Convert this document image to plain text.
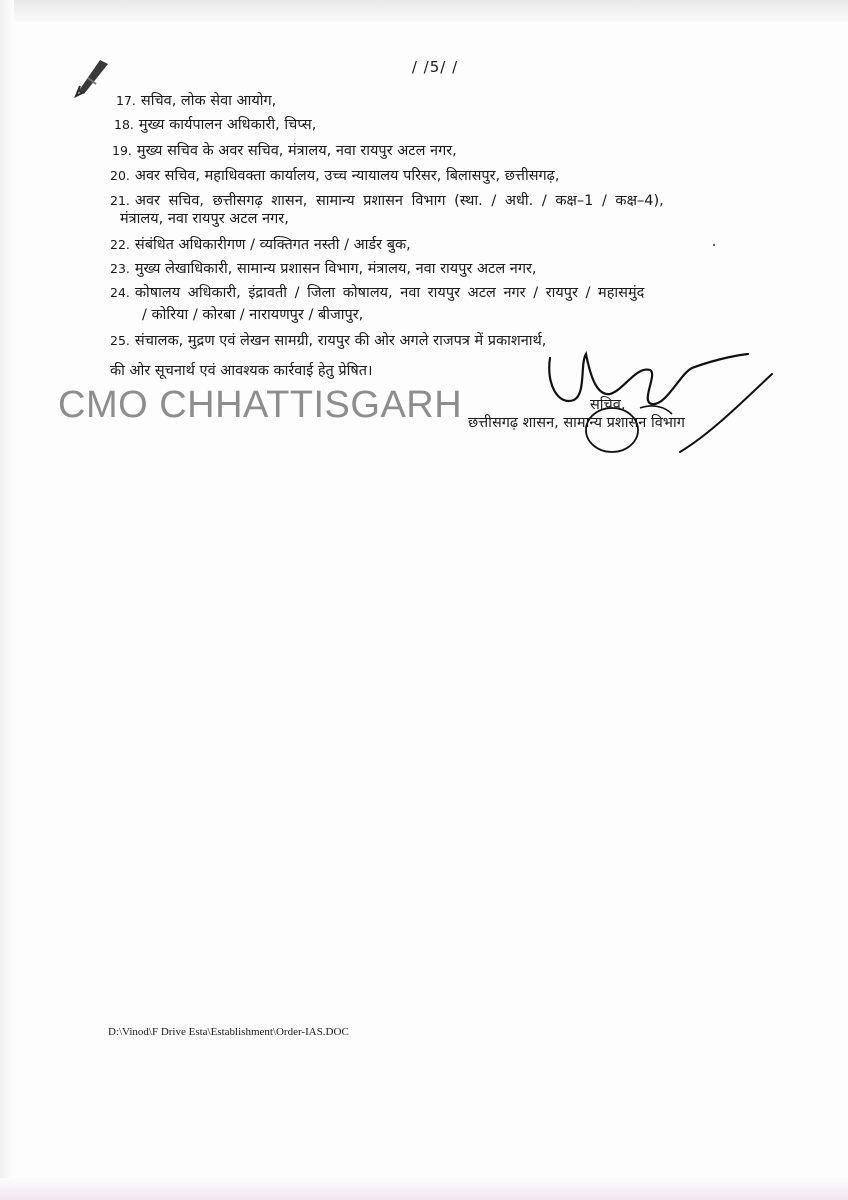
/ /5/ /
17. सचिव, लोक सेवा आयोग,
18. मुख्य कार्यपालन अधिकारी, चिप्स,
19. मुख्य सचिव के अवर सचिव, मंत्रालय, नवा रायपुर अटल नगर,
20. अवर सचिव, महाधिवक्ता कार्यालय, उच्च न्यायालय परिसर, बिलासपुर, छत्तीसगढ़,
21. अवर सचिव, छत्तीसगढ़ शासन, सामान्य प्रशासन विभाग (स्था. / अधी. / कक्ष–1 / कक्ष–4),
मंत्रालय, नवा रायपुर अटल नगर,
22. संबंधित अधिकारीगण / व्यक्तिगत नस्ती / आर्डर बुक,
23. मुख्य लेखाधिकारी, सामान्य प्रशासन विभाग, मंत्रालय, नवा रायपुर अटल नगर,
24. कोषालय अधिकारी, इंद्रावती / जिला कोषालय, नवा रायपुर अटल नगर / रायपुर / महासमुंद
/ कोरिया / कोरबा / नारायणपुर / बीजापुर,
25. संचालक, मुद्रण एवं लेखन सामग्री, रायपुर की ओर अगले राजपत्र में प्रकाशनार्थ,
की ओर सूचनार्थ एवं आवश्यक कार्रवाई हेतु प्रेषित।
CMO CHHATTISGARH	सचिव,
छत्तीसगढ़ शासन, सामान्य प्रशासन विभाग
D:\Vinod\F Drive Esta\Establishment\Order-IAS.DOC
